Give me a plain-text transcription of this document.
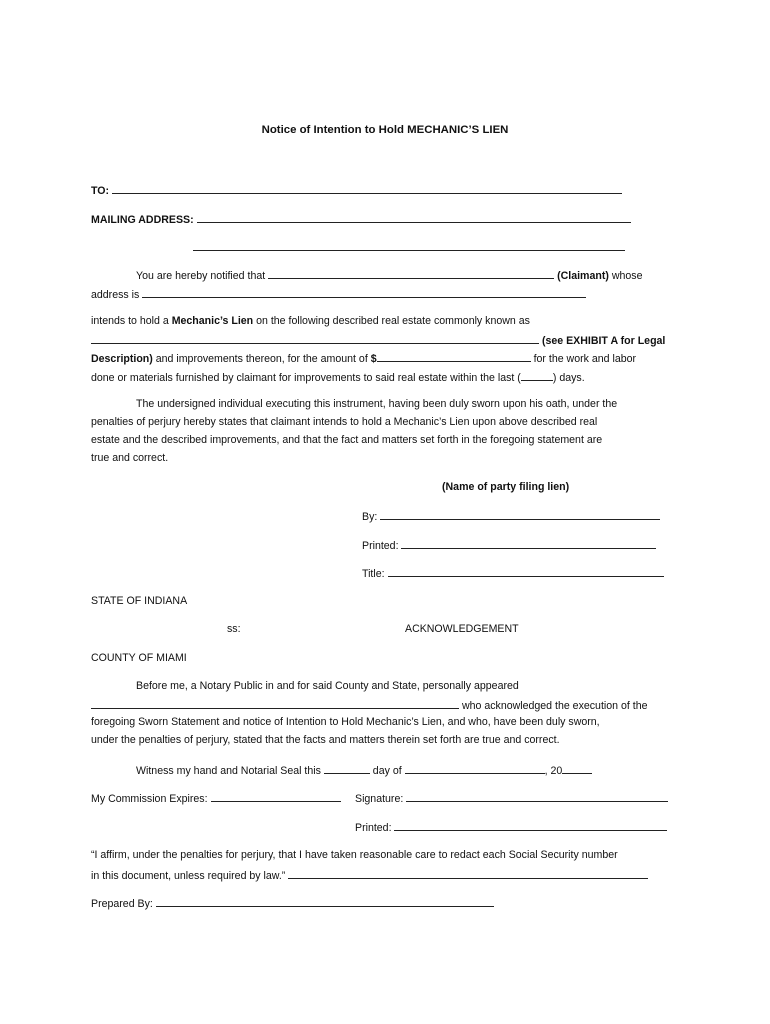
Notice of Intention to Hold MECHANIC’S LIEN
TO:
MAILING ADDRESS:
You are hereby notified that	(Claimant) whose
address is
intends to hold a Mechanic’s Lien on the following described real estate commonly known as
(see EXHIBIT A for Legal
Description) and improvements thereon, for the amount of $	for the work and labor
done or materials furnished by claimant for improvements to said real estate within the last (	) days.
The undersigned individual executing this instrument, having been duly sworn upon his oath, under the
penalties of perjury hereby states that claimant intends to hold a Mechanic’s Lien upon above described real
estate and the described improvements, and that the fact and matters set forth in the foregoing statement are
true and correct.
(Name of party filing lien)
By:
Printed:
Title:
STATE OF INDIANA
ss:	ACKNOWLEDGEMENT
COUNTY OF MIAMI
Before me, a Notary Public in and for said County and State, personally appeared
who acknowledged the execution of the
foregoing Sworn Statement and notice of Intention to Hold Mechanic’s Lien, and who, have been duly sworn,
under the penalties of perjury, stated that the facts and matters therein set forth are true and correct.
Witness my hand and Notarial Seal this	day of	, 20
My Commission Expires:	Signature:
Printed:
“I affirm, under the penalties for perjury, that I have taken reasonable care to redact each Social Security number
in this document, unless required by law.”
Prepared By:
